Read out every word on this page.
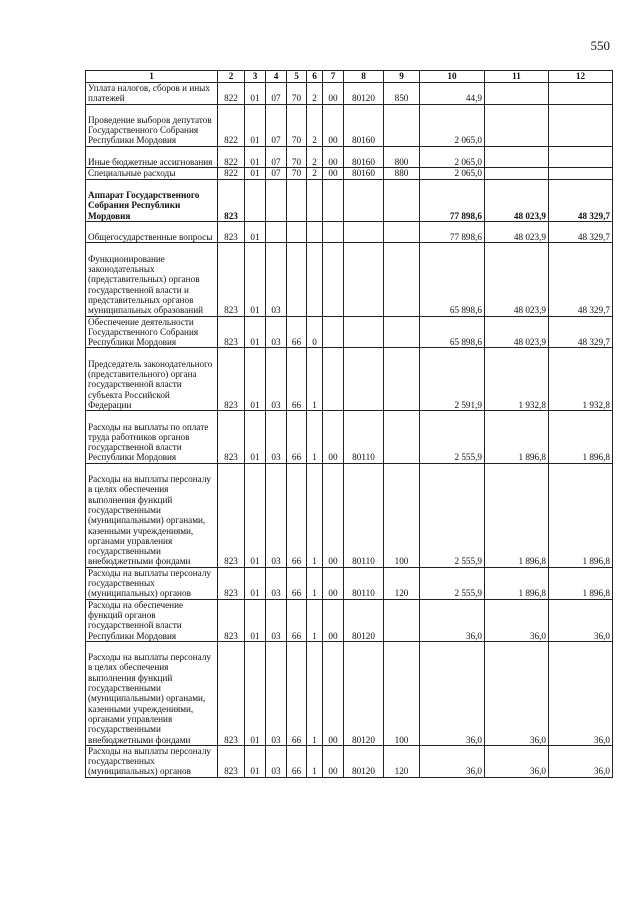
550
1	2	3	4	5	6	7	8	9	10	11	12
Уплата налогов, сборов и иных платежей	822	01	07	70	2	00	80120	850	44,9		
Проведение выборов депутатов Государственного Собрания Республики Мордовия	822	01	07	70	2	00	80160		2 065,0		
Иные бюджетные ассигнования	822	01	07	70	2	00	80160	800	2 065,0		
Специальные расходы	822	01	07	70	2	00	80160	880	2 065,0		
Аппарат Государственного Собрания Республики Мордовия	823								77 898,6	48 023,9	48 329,7
Общегосударственные вопросы	823	01							77 898,6	48 023,9	48 329,7
Функционирование законодательных (представительных) органов государственной власти и представительных органов муниципальных образований	823	01	03						65 898,6	48 023,9	48 329,7
Обеспечение деятельности Государственного Собрания Республики Мордовия	823	01	03	66	0				65 898,6	48 023,9	48 329,7
Председатель законодательного (представительного) органа государственной власти субъекта Российской Федерации	823	01	03	66	1				2 591,9	1 932,8	1 932,8
Расходы на выплаты по оплате труда работников органов государственной власти Республики Мордовия	823	01	03	66	1	00	80110		2 555,9	1 896,8	1 896,8
Расходы на выплаты персоналу в целях обеспечения выполнения функций государственными (муниципальными) органами, казенными учреждениями, органами управления государственными внебюджетными фондами	823	01	03	66	1	00	80110	100	2 555,9	1 896,8	1 896,8
Расходы на выплаты персоналу государственных (муниципальных) органов	823	01	03	66	1	00	80110	120	2 555,9	1 896,8	1 896,8
Расходы на обеспечение функций органов государственной власти Республики Мордовия	823	01	03	66	1	00	80120		36,0	36,0	36,0
Расходы на выплаты персоналу в целях обеспечения выполнения функций государственными (муниципальными) органами, казенными учреждениями, органами управления государственными внебюджетными фондами	823	01	03	66	1	00	80120	100	36,0	36,0	36,0
Расходы на выплаты персоналу государственных (муниципальных) органов	823	01	03	66	1	00	80120	120	36,0	36,0	36,0
